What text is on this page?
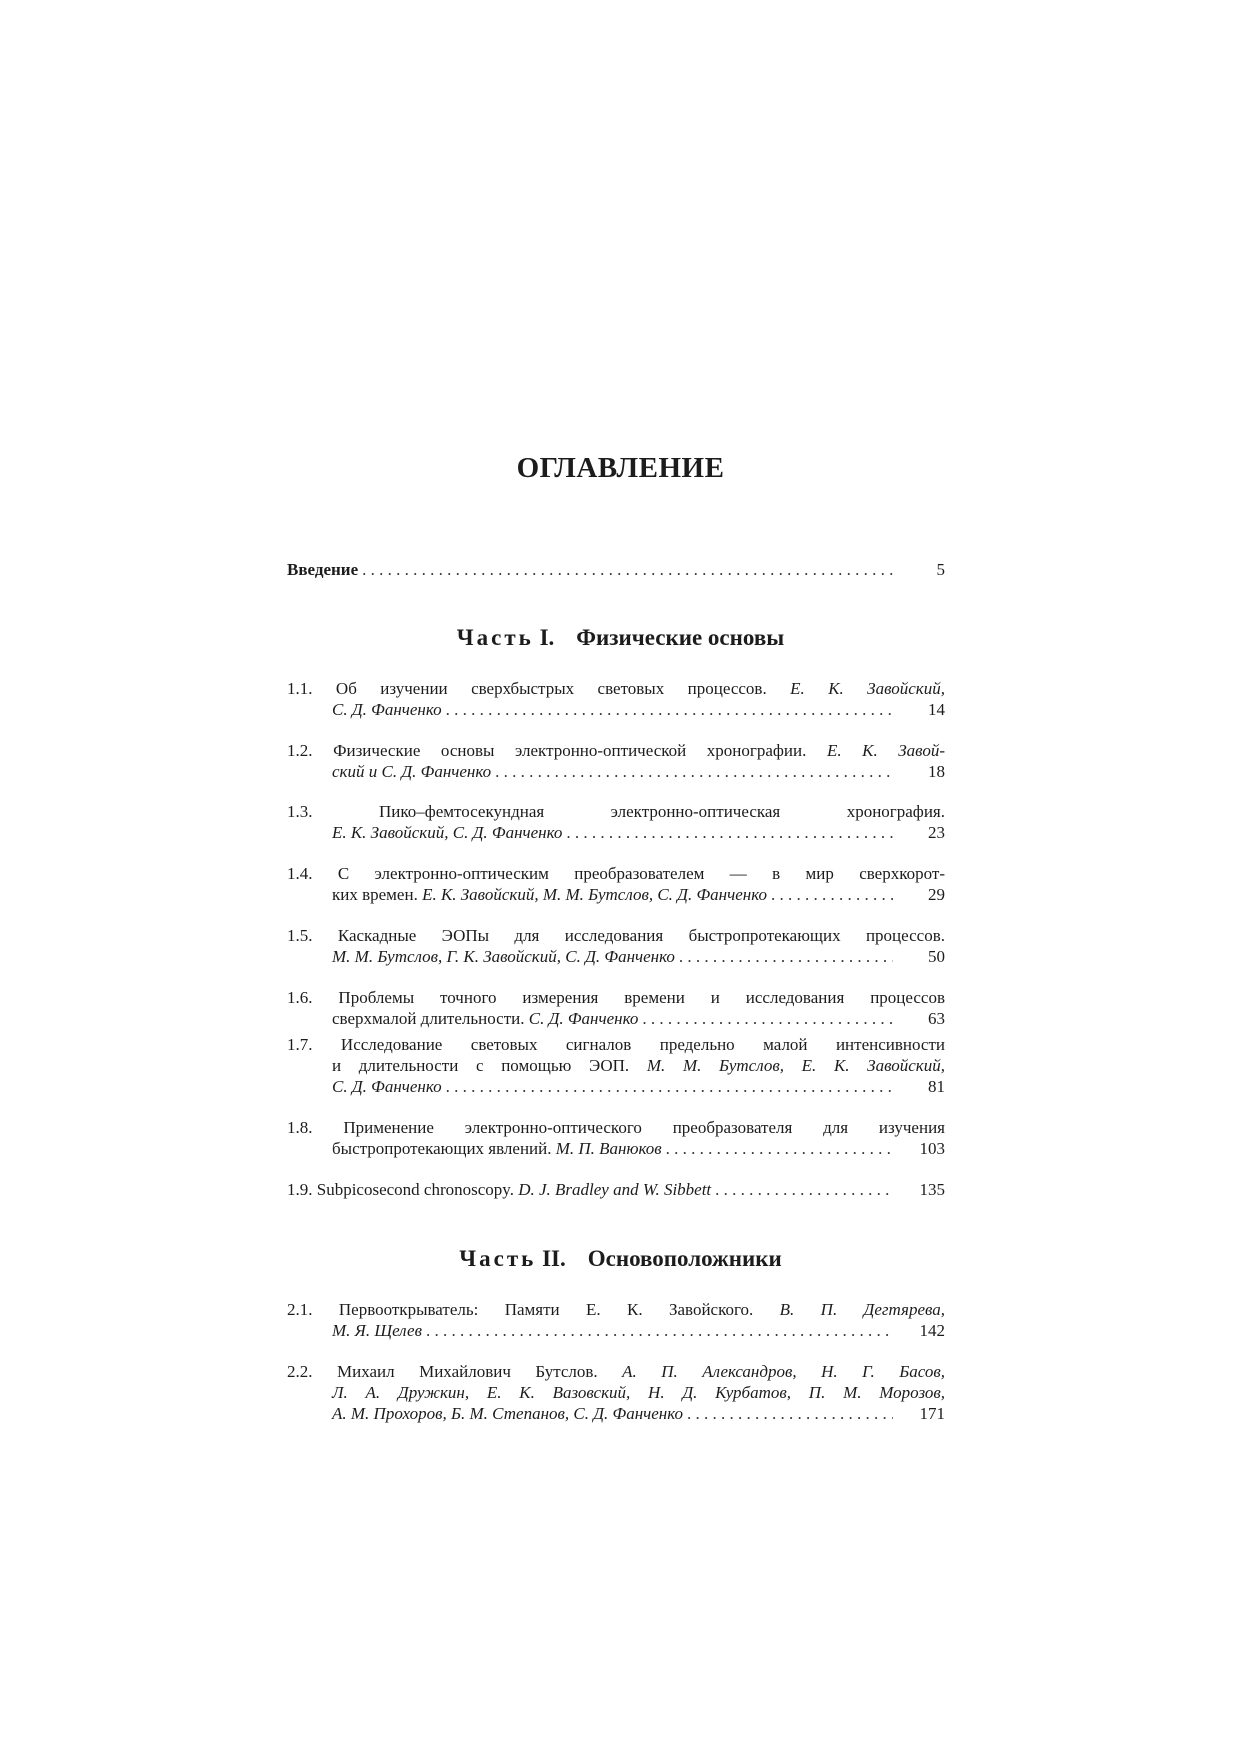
ОГЛАВЛЕНИЕ
Введение . . .	5
Часть I. Физические основы
1.1. Об изучении сверхбыстрых световых процессов. Е. К. Завойский,
С. Д. Фанченко . . .	14
1.2. Физические основы электронно-оптической хронографии. Е. К. Завой-
ский и С. Д. Фанченко . . .	18
1.3. Пико–фемтосекундная электронно-оптическая хронография.
Е. К. Завойский, С. Д. Фанченко . . .	23
1.4. С электронно-оптическим преобразователем — в мир сверхкорот-
ких времен. Е. К. Завойский, М. М. Бутслов, С. Д. Фанченко . . .	29
1.5. Каскадные ЭОПы для исследования быстропротекающих процессов.
М. М. Бутслов, Г. К. Завойский, С. Д. Фанченко . . .	50
1.6. Проблемы точного измерения времени и исследования процессов
сверхмалой длительности. С. Д. Фанченко . . .	63
1.7. Исследование световых сигналов предельно малой интенсивности
и длительности с помощью ЭОП. М. М. Бутслов, Е. К. Завойский,
С. Д. Фанченко . . .	81
1.8. Применение электронно-оптического преобразователя для изучения
быстропротекающих явлений. М. П. Ванюков . . .	103
1.9. Subpicosecond chronoscopy. D. J. Bradley and W. Sibbett . . .	135
Часть II. Основоположники
2.1. Первооткрыватель: Памяти Е. К. Завойского. В. П. Дегтярева,
М. Я. Щелев . . .	142
2.2. Михаил Михайлович Бутслов. А. П. Александров, Н. Г. Басов,
Л. А. Дружкин, Е. К. Вазовский, Н. Д. Курбатов, П. М. Морозов,
А. М. Прохоров, Б. М. Степанов, С. Д. Фанченко . . .	171
